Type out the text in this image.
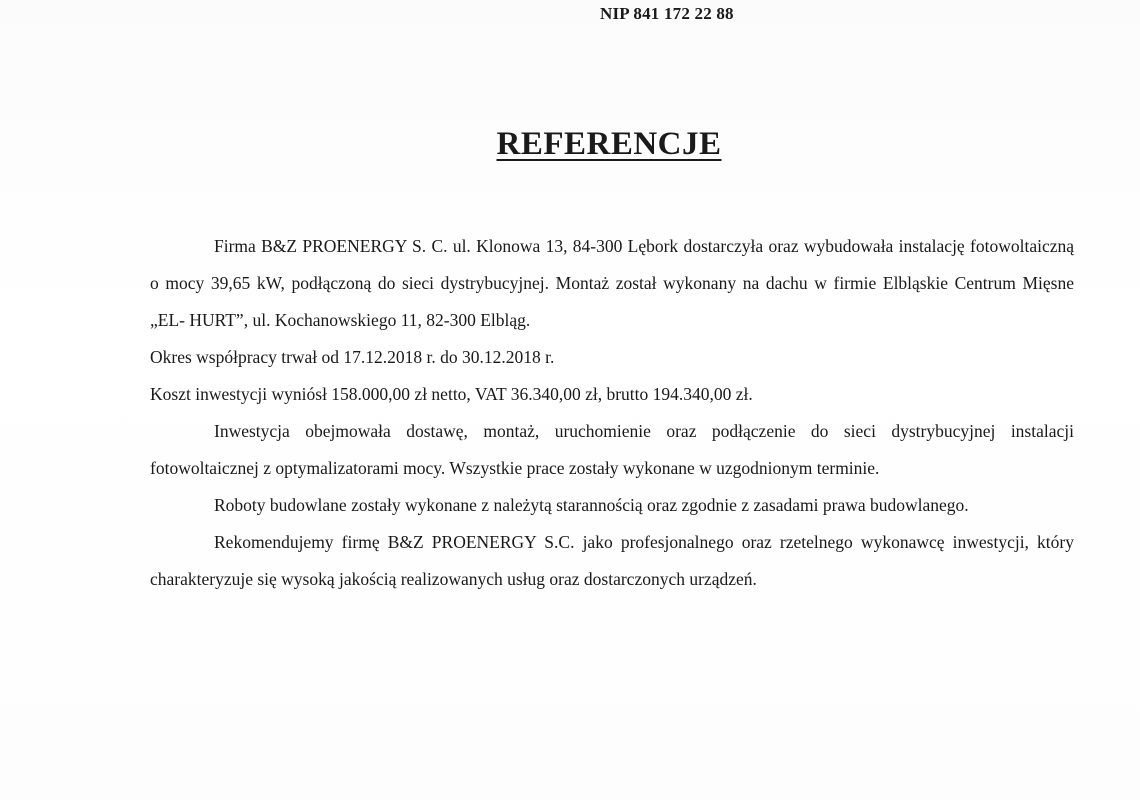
NIP 841 172 22 88
REFERENCJE

Firma B&Z PROENERGY S. C. ul. Klonowa 13, 84-300 Lębork dostarczyła oraz wybudowała instalację fotowoltaiczną o mocy 39,65 kW, podłączoną do sieci dystrybucyjnej. Montaż został wykonany na dachu w firmie Elbląskie Centrum Mięsne „EL- HURT”, ul. Kochanowskiego 11, 82-300 Elbląg.

Okres współpracy trwał od 17.12.2018 r. do 30.12.2018 r.

Koszt inwestycji wyniósł 158.000,00 zł netto, VAT 36.340,00 zł, brutto 194.340,00 zł.

Inwestycja obejmowała dostawę, montaż, uruchomienie oraz podłączenie do sieci dystrybucyjnej instalacji fotowoltaicznej z optymalizatorami mocy. Wszystkie prace zostały wykonane w uzgodnionym terminie.

Roboty budowlane zostały wykonane z należytą starannością oraz zgodnie z zasadami prawa budowlanego.

Rekomendujemy firmę B&Z PROENERGY S.C. jako profesjonalnego oraz rzetelnego wykonawcę inwestycji, który charakteryzuje się wysoką jakością realizowanych usług oraz dostarczonych urządzeń.
